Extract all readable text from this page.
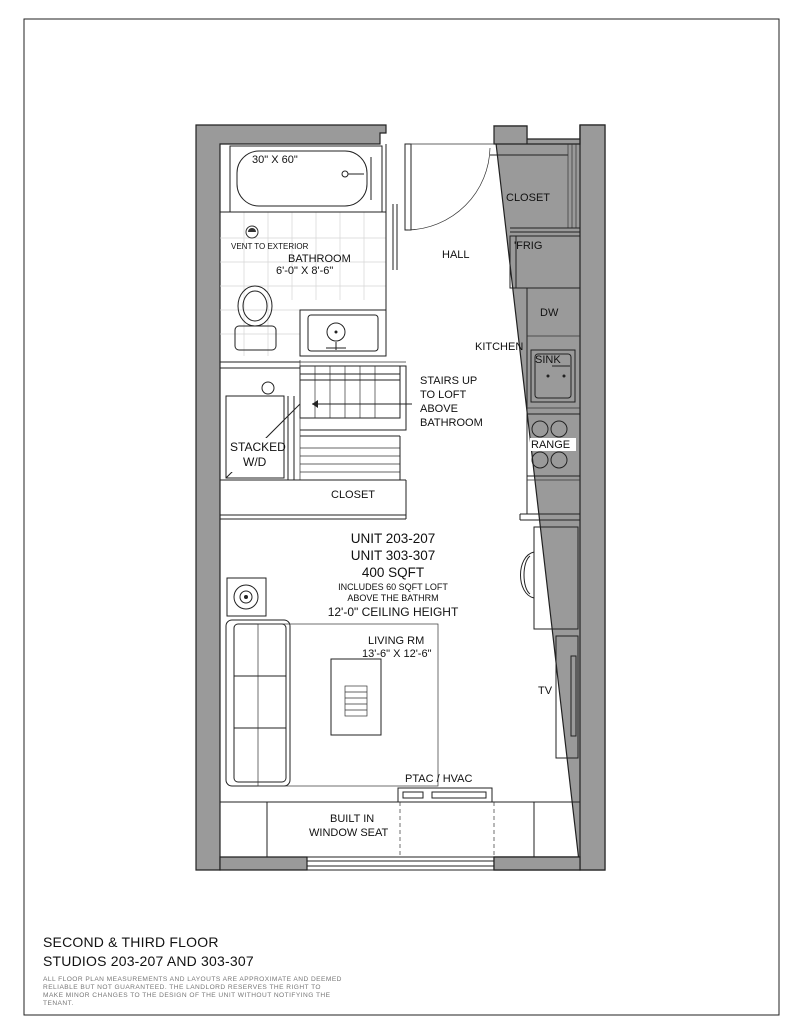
30" X 60"
VENT TO EXTERIOR
BATHROOM
6'-0" X 8'-6"
CLOSET
HALL
'FRIG
DW
KITCHEN
SINK
RANGE
STAIRS UP
TO LOFT
ABOVE
BATHROOM
STACKED
W/D
CLOSET
UNIT 203-207
UNIT 303-307
400 SQFT
INCLUDES 60 SQFT LOFT
ABOVE THE BATHRM
12'-0" CEILING HEIGHT
LIVING RM
13'-6" X 12'-6"
TV
PTAC / HVAC
BUILT IN
WINDOW SEAT

SECOND & THIRD FLOOR

STUDIOS 203-207 AND 303-307

ALL FLOOR PLAN MEASUREMENTS AND LAYOUTS ARE APPROXIMATE AND DEEMED RELIABLE BUT NOT GUARANTEED. THE LANDLORD RESERVES THE RIGHT TO MAKE MINOR CHANGES TO THE DESIGN OF THE UNIT WITHOUT NOTIFYING THE TENANT.
